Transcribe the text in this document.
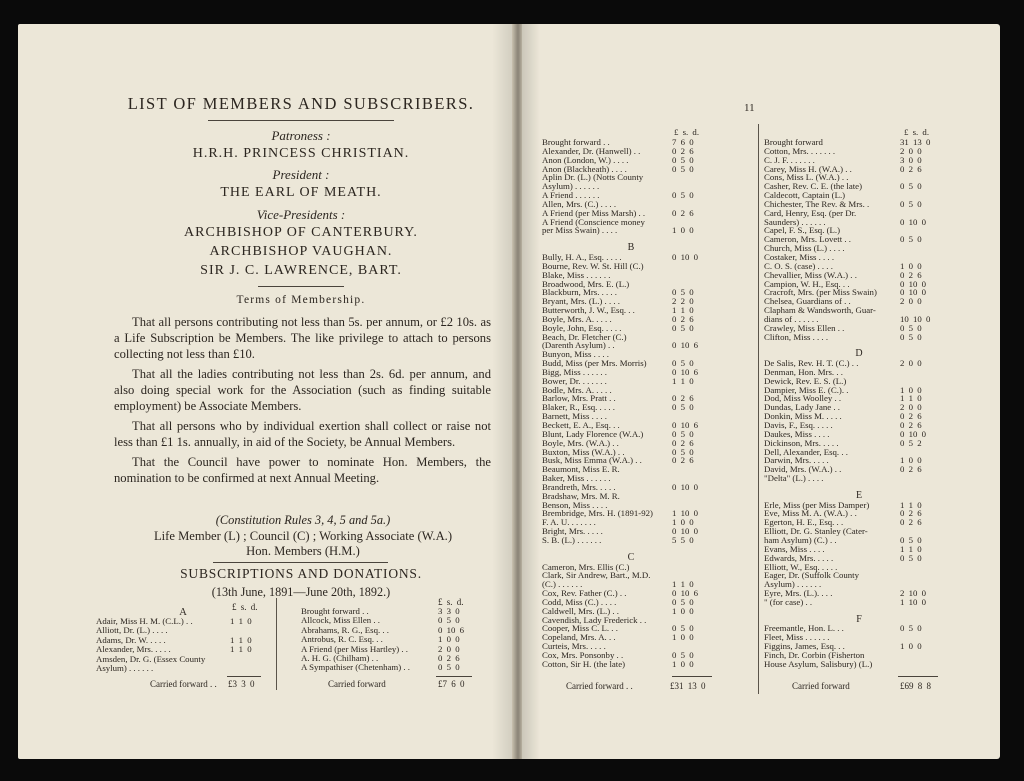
LIST OF MEMBERS AND SUBSCRIBERS.
Patroness :
H.R.H. PRINCESS CHRISTIAN.
President :
THE EARL OF MEATH.
Vice-Presidents :
ARCHBISHOP OF CANTERBURY.
ARCHBISHOP VAUGHAN.
SIR J. C. LAWRENCE, BART.
Terms of Membership.

That all persons contributing not less than 5s. per annum, or £2 10s. as a Life Subscription be Members. The like privilege to attach to persons collecting not less than £10.

That all the ladies contributing not less than 2s. 6d. per annum, and also doing special work for the Association (such as finding suitable employment) be Associate Members.

That all persons who by individual exertion shall collect or raise not less than £1 1s. annually, in aid of the Society, be Annual Members.

That the Council have power to nominate Hon. Members, the nomination to be confirmed at next Annual Meeting.

(Constitution Rules 3, 4, 5 and 5a.)
Life Member (L) ; Council (C) ; Working Associate (W.A.)
Hon. Members (H.M.)
SUBSCRIPTIONS AND DONATIONS.
(13th June, 1891—June 20th, 1892.)
£ s. d.
A
Adair, Miss H. M. (C.L.) . .	1 1 0
Alliott, Dr. (L.) . . . .
Adams, Dr. W. . . . .	1 1 0
Alexander, Mrs. . . . .	1 1 0
Amsden, Dr. G. (Essex County
Asylum) . . . . . .
Carried forward . . £3 3 0
£ s. d.
Brought forward . .	3 3 0
Allcock, Miss Ellen . .	0 5 0
Abrahams, R. G., Esq. . .	0 10 6
Antrobus, R. C. Esq. . .	1 0 0
A Friend (per Miss Hartley) . .	2 0 0
A. H. G. (Chilham) . .	0 2 6
A Sympathiser (Chetenham) . .	0 5 0
Carried forward	£7 6 0
11
£ s. d.
Brought forward . .	7 6 0
Alexander, Dr. (Hanwell) . .	0 2 6
Anon (London, W.) . . . .	0 5 0
Anon (Blackheath) . . . .	0 5 0
Aplin Dr. (L.) (Notts County
Asylum) . . . . . .
A Friend . . . . . .	0 5 0
Allen, Mrs. (C.) . . . .
A Friend (per Miss Marsh) . .	0 2 6
A Friend (Conscience money
per Miss Swain) . . . .	1 0 0
B
Bully, H. A., Esq. . . . .	0 10 0
Bourne, Rev. W. St. Hill (C.)
Blake, Miss . . . . . .
Broadwood, Mrs. E. (L.)
Blackburn, Mrs. . . . .	0 5 0
Bryant, Mrs. (L.) . . . .	2 2 0
Butterworth, J. W., Esq. . .	1 1 0
Boyle, Mrs. A. . . . .	0 2 6
Boyle, John, Esq. . . . .	0 5 0
Beach, Dr. Fletcher (C.)
(Darenth Asylum) . .	0 10 6
Bunyon, Miss . . . .
Budd, Miss (per Mrs. Morris)	0 5 0
Bigg, Miss . . . . . .	0 10 6
Bower, Dr. . . . . . .	1 1 0
Bodle, Mrs. A. . . . .
Barlow, Mrs. Pratt . .	0 2 6
Blaker, R., Esq. . . . .	0 5 0
Barnett, Miss . . . .
Beckett, E. A., Esq. . .	0 10 6
Blunt, Lady Florence (W.A.)	0 5 0
Boyle, Mrs. (W.A.) . .	0 2 6
Buxton, Miss (W.A.) . .	0 5 0
Busk, Miss Emma (W.A.) . .	0 2 6
Beaumont, Miss E. R.
Baker, Miss . . . . . .
Brandreth, Mrs. . . . .	0 10 0
Bradshaw, Mrs. M. R.
Benson, Miss . . . .
Brembridge, Mrs. H. (1891-92) 1 10 0
F. A. U. . . . . . .	1 0 0
Bright, Mrs. . . . .	0 10 0
S. B. (L.) . . . . . .	5 5 0
C
Cameron, Mrs. Ellis (C.)
Clark, Sir Andrew, Bart., M.D.
(C.) . . . . . .	1 1 0
Cox, Rev. Father (C.) . .	0 10 6
Codd, Miss (C.) . . . .	0 5 0
Caldwell, Mrs. (L.) . .	1 0 0
Cavendish, Lady Frederick . .
Cooper, Miss C. L. . .	0 5 0
Copeland, Mrs. A. . .	1 0 0
Curteis, Mrs. . . . .
Cox, Mrs. Ponsonby . .	0 5 0
Cotton, Sir H. (the late)	1 0 0
Carried forward . .	£31 13 0
£ s. d.
Brought forward	31 13 0
Cotton, Mrs. . . . . . .	2 0 0
C. J. F. . . . . . .	3 0 0
Carey, Miss H. (W.A.) . .	0 2 6
Cons, Miss L. (W.A.) . .
Casher, Rev. C. E. (the late)	0 5 0
Caldecott, Captain (L.)
Chichester, The Rev. & Mrs. .	0 5 0
Card, Henry, Esq. (per Dr.
Saunders) . . . . . .	0 10 0
Capel, F. S., Esq. (L.)
Cameron, Mrs. Lovett . .	0 5 0
Church, Miss (L.) . . . .
Costaker, Miss . . . .
C. O. S. (case) . . . .	1 0 0
Chevallier, Miss (W.A.) . .	0 2 6
Campion, W. H., Esq. . .	0 10 0
Cracroft, Mrs. (per Miss Swain)	0 10 0
Chelsea, Guardians of . .	2 0 0
Clapham & Wandsworth, Guar-
dians of . . . . . .	10 10 0
Crawley, Miss Ellen . .	0 5 0
Clifton, Miss . . . .	0 5 0
D
De Salis, Rev. H. T. (C.) . .	2 0 0
Denman, Hon. Mrs. . .
Dewick, Rev. E. S. (L.)
Dampier, Miss E. (C.). .	1 0 0
Dod, Miss Woolley . .	1 1 0
Dundas, Lady Jane . .	2 0 0
Donkin, Miss M. . . . .	0 2 6
Davis, F., Esq. . . . .	0 2 6
Daukes, Miss . . . .	0 10 0
Dickinson, Mrs. . . . .	0 5 2
Dell, Alexander, Esq. . .
Darwin, Mrs. . . . .	1 0 0
David, Mrs. (W.A.) . .	0 2 6
"Delta" (L.) . . . .
E
Erle, Miss (per Miss Damper)	1 1 0
Eve, Miss M. A. (W.A.) . .	0 2 6
Egerton, H. E., Esq. . .	0 2 6
Elliott, Dr. G. Stanley (Cater-
ham Asylum) (C.) . .	0 5 0
Evans, Miss . . . .	1 1 0
Edwards, Mrs. . . . .	0 5 0
Elliott, W., Esq. . . . .
Eager, Dr. (Suffolk County
Asylum) . . . . . .
Eyre, Mrs. (L.). . . .	2 10 0
" (for case) . .	1 10 0
F
Freemantle, Hon. L. . .	0 5 0
Fleet, Miss . . . . . .
Figgins, James, Esq. . .	1 0 0
Finch, Dr. Corbin (Fisherton
House Asylum, Salisbury) (L.)
Carried forward	£69 8 8
